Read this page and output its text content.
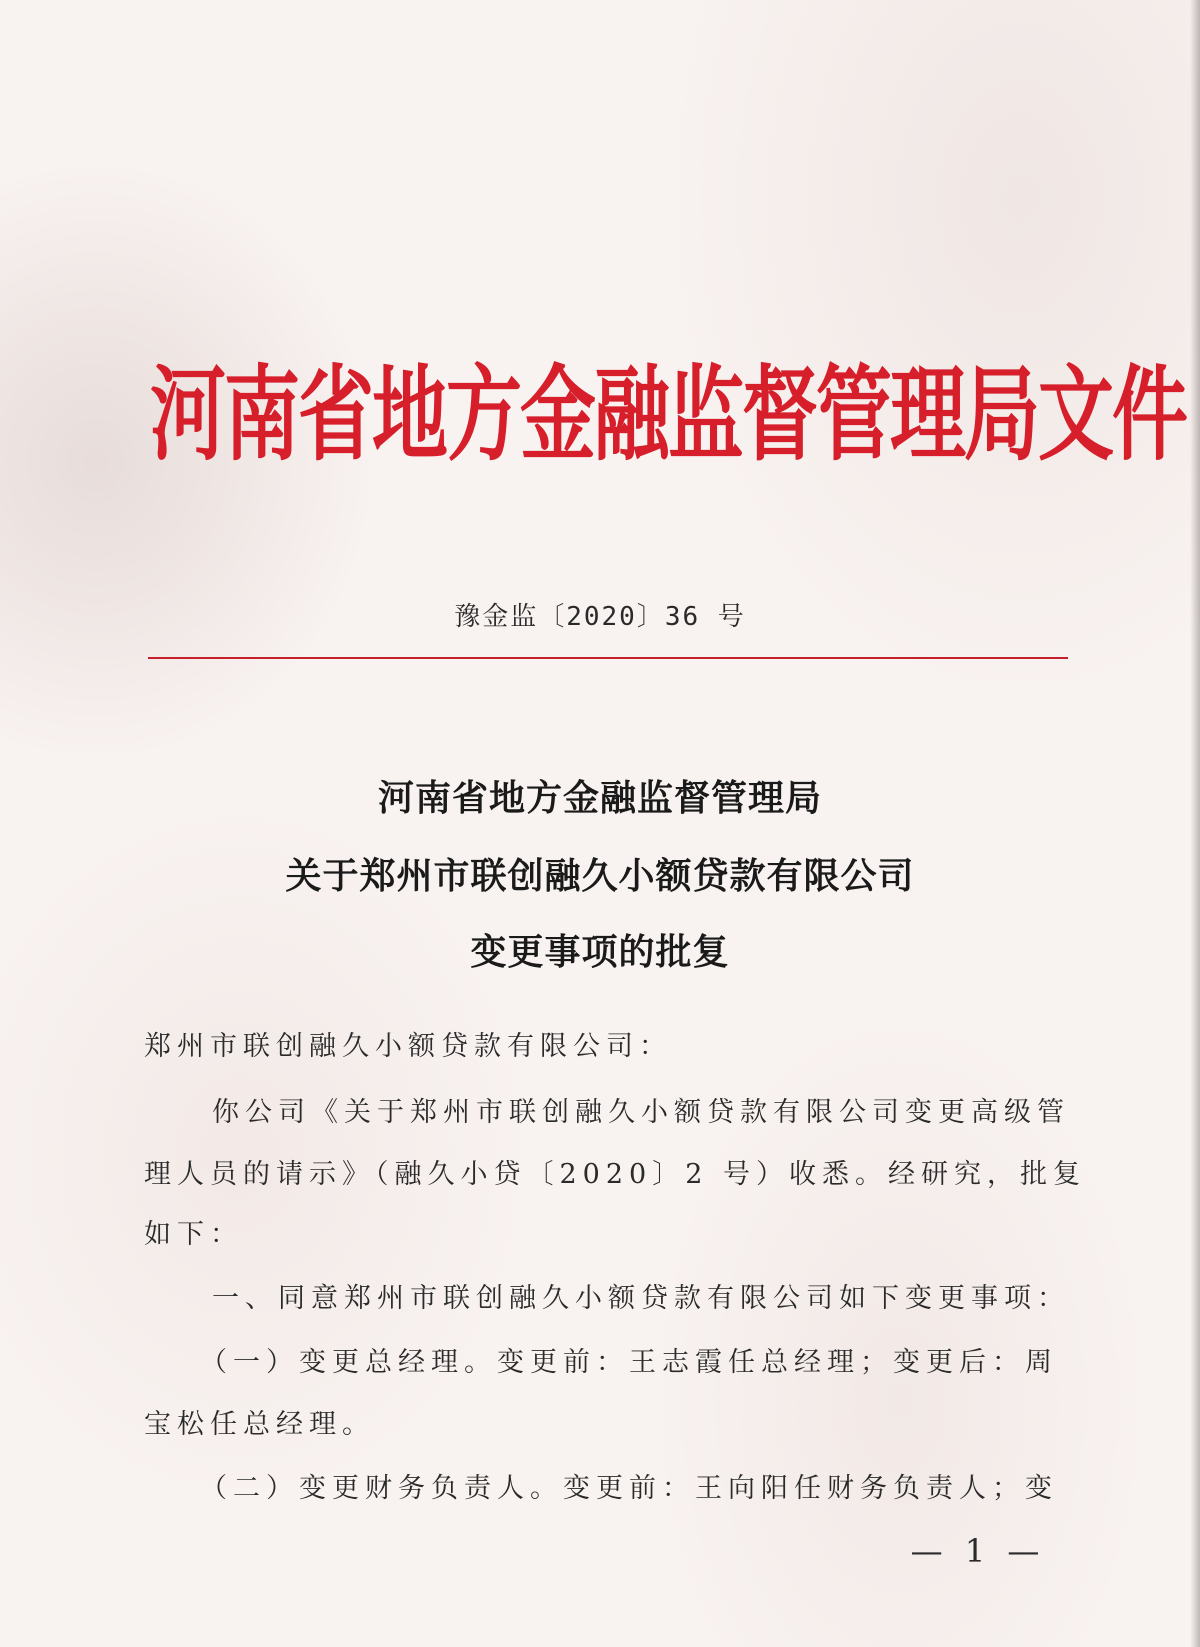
河南省地方金融监督管理局文件
豫金监〔2020〕36 号
河南省地方金融监督管理局
关于郑州市联创融久小额贷款有限公司
变更事项的批复
郑州市联创融久小额贷款有限公司：
你公司《关于郑州市联创融久小额贷款有限公司变更高级管
理人员的请示》（融久小贷〔2020〕2 号）收悉。经研究，批复
如下：
一、同意郑州市联创融久小额贷款有限公司如下变更事项：
（一）变更总经理。变更前：王志霞任总经理；变更后：周
宝松任总经理。
（二）变更财务负责人。变更前：王向阳任财务负责人；变
— 1 —
